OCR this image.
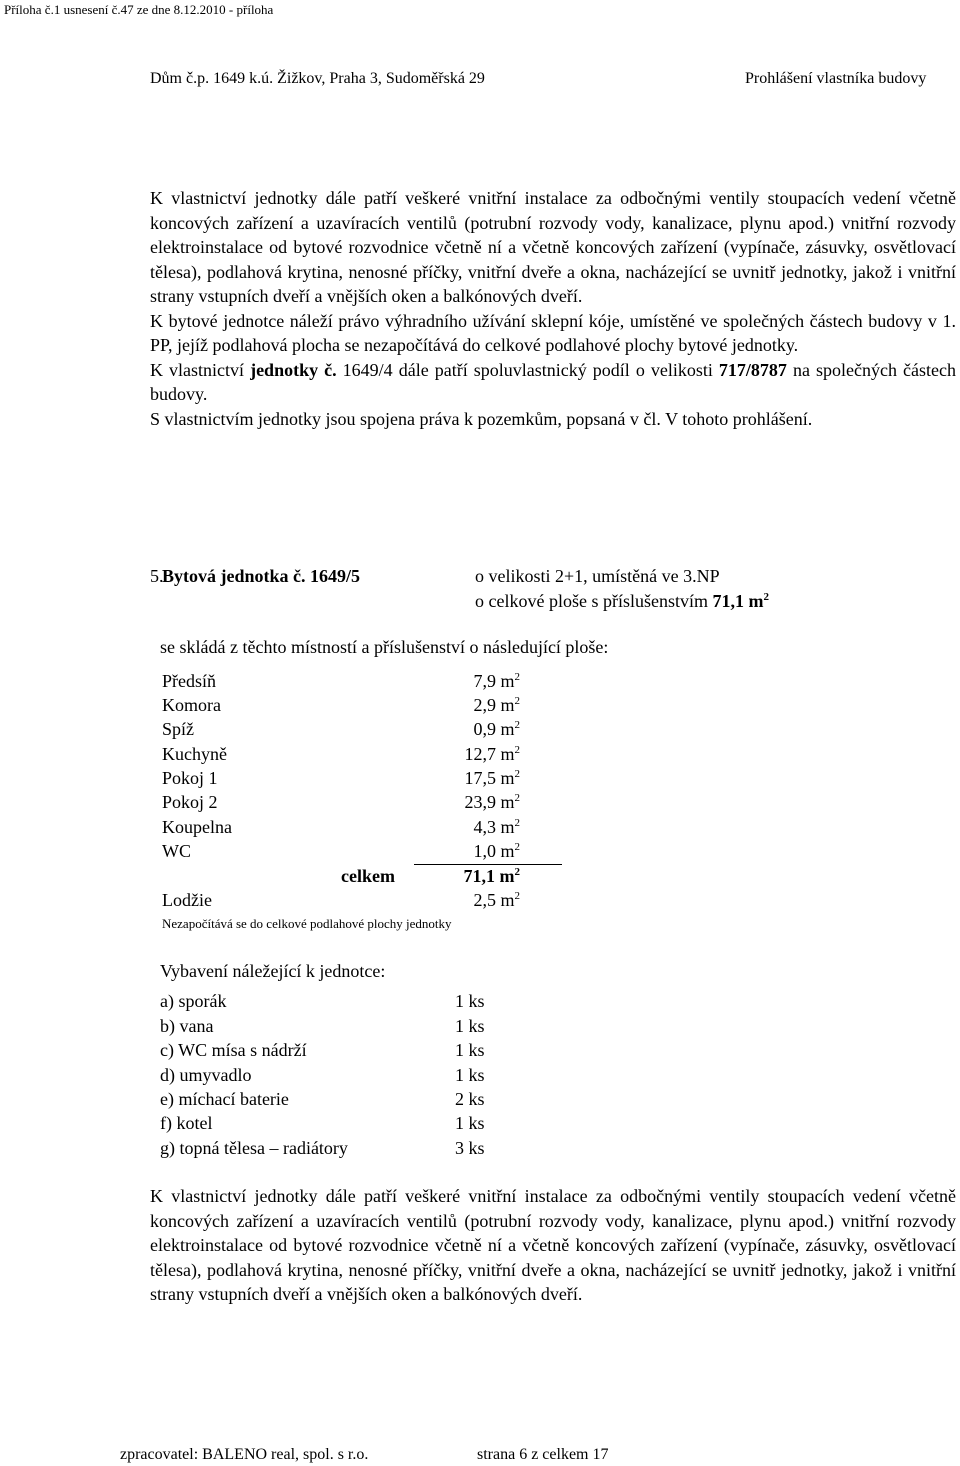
Příloha č.1 usnesení č.47 ze dne 8.12.2010 - příloha
Dům č.p. 1649 k.ú. Žižkov, Praha 3, Sudoměřská 29	Prohlášení vlastníka budovy

K vlastnictví jednotky dále patří veškeré vnitřní instalace za odbočnými ventily stoupacích vedení včetně koncových zařízení a uzavíracích ventilů (potrubní rozvody vody, kanalizace, plynu apod.) vnitřní rozvody elektroinstalace od bytové rozvodnice včetně ní a včetně koncových zařízení (vypínače, zásuvky, osvětlovací tělesa), podlahová krytina, nenosné příčky, vnitřní dveře a okna, nacházející se uvnitř jednotky, jakož i vnitřní strany vstupních dveří a vnějších oken a balkónových dveří.

K bytové jednotce náleží právo výhradního užívání sklepní kóje, umístěné ve společných částech budovy v 1. PP, jejíž podlahová plocha se nezapočítává do celkové podlahové plochy bytové jednotky.

K vlastnictví jednotky č. 1649/4 dále patří spoluvlastnický podíl o velikosti 717/8787 na společných částech budovy.

S vlastnictvím jednotky jsou spojena práva k pozemkům, popsaná v čl. V tohoto prohlášení.

5.
Bytová jednotka č. 1649/5	o velikosti 2+1, umístěná ve 3.NP
o celkové ploše s příslušenstvím 71,1 $m^2$
se skládá z těchto místností a příslušenství o následující ploše:
Předsíň	7,9 $m^2$
Komora	2,9 $m^2$
Spíž	0,9 $m^2$
Kuchyně	12,7 $m^2$
Pokoj 1	17,5 $m^2$
Pokoj 2	23,9 $m^2$
Koupelna	4,3 $m^2$
WC	1,0 $m^2$
celkem	71,1 $m^2$
Lodžie	2,5 $m^2$
Nezapočítává se do celkové podlahové plochy jednotky
Vybavení náležející k jednotce:
a) sporák	1 ks
b) vana	1 ks
c) WC mísa s nádrží	1 ks
d) umyvadlo	1 ks
e) míchací baterie	2 ks
f) kotel	1 ks
g) topná tělesa – radiátory	3 ks

K vlastnictví jednotky dále patří veškeré vnitřní instalace za odbočnými ventily stoupacích vedení včetně koncových zařízení a uzavíracích ventilů (potrubní rozvody vody, kanalizace, plynu apod.) vnitřní rozvody elektroinstalace od bytové rozvodnice včetně ní a včetně koncových zařízení (vypínače, zásuvky, osvětlovací tělesa), podlahová krytina, nenosné příčky, vnitřní dveře a okna, nacházející se uvnitř jednotky, jakož i vnitřní strany vstupních dveří a vnějších oken a balkónových dveří.

zpracovatel: BALENO real, spol. s r.o.	strana 6 z celkem 17
